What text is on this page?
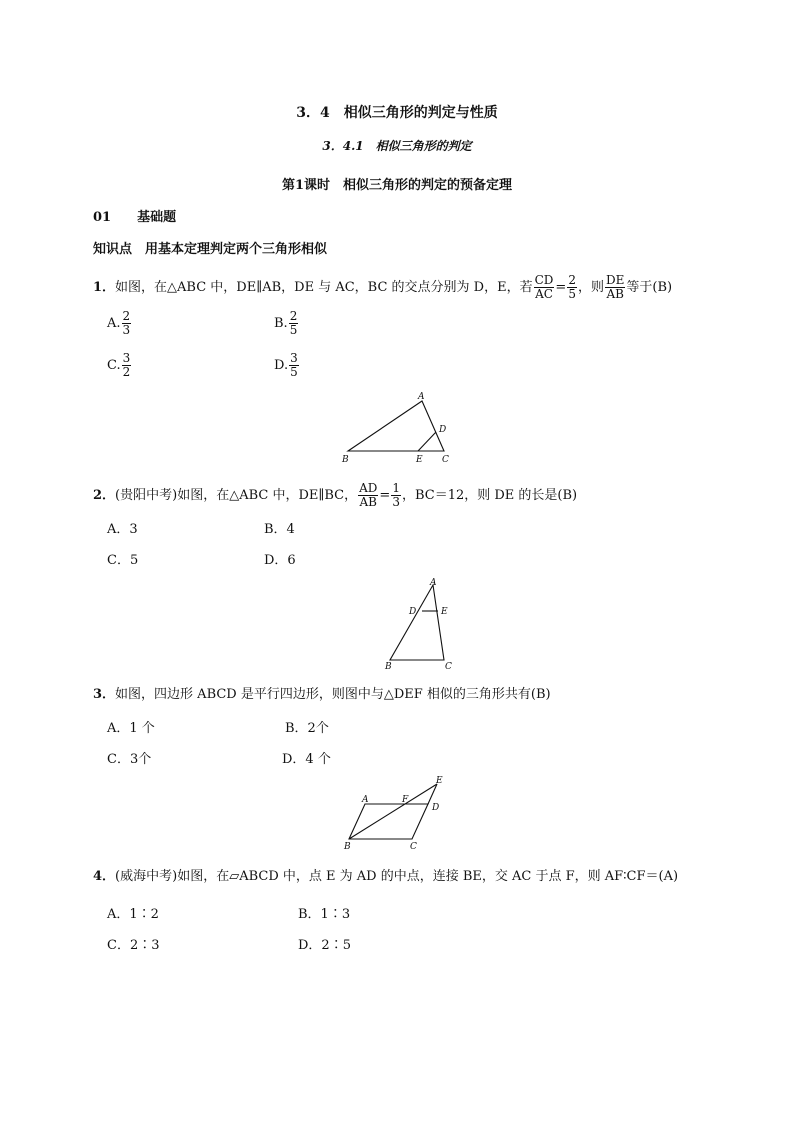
3．4　相似三角形的判定与性质
3．4.1　相似三角形的判定
第1课时　相似三角形的判定的预备定理
01 基础题
知识点　用基本定理判定两个三角形相似
1．如图，在△ABC 中，DE∥AB，DE 与 AC，BC 的交点分别为 D，E，若 $\frac{CD}{AC} = \frac{2}{5}$ ，则 $\frac{DE}{AB}$ 等于(B)
A. $\frac{2}{3}$	B. $\frac{2}{5}$
C. $\frac{3}{2}$	D. $\frac{3}{5}$
A
B	C
D
E
2．(贵阳中考)如图，在△ABC 中，DE∥BC， $\frac{AD}{AB} = \frac{1}{3}$ ，BC＝12，则 DE 的长是(B)
A．3	B．4
C．5	D．6
A
B	C
D	E
3．如图，四边形 ABCD 是平行四边形，则图中与△DEF 相似的三角形共有(B)
A．1 个	B．2个
C．3个	D．4 个
E
A	F
D
B	C
4．(威海中考)如图，在▱ABCD 中，点 E 为 AD 的中点，连接 BE，交 AC 于点 F，则 AF∶CF＝(A)
A．1∶2	B．1∶3
C．2∶3	D．2∶5
